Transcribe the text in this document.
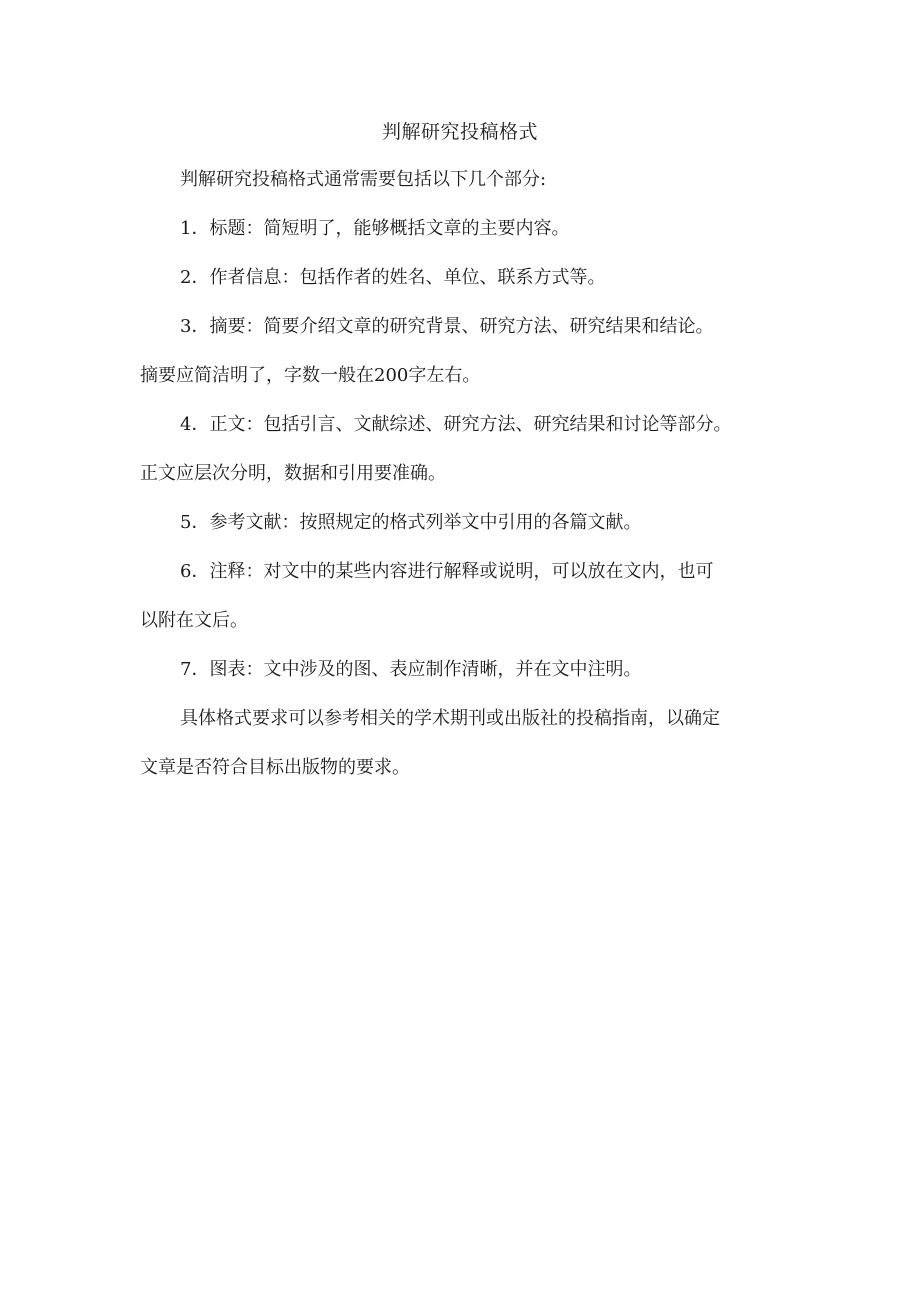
判解研究投稿格式

判解研究投稿格式通常需要包括以下几个部分:

1．标题：简短明了，能够概括文章的主要内容。

2．作者信息：包括作者的姓名、单位、联系方式等。

3．摘要：简要介绍文章的研究背景、研究方法、研究结果和结论。
摘要应简洁明了，字数一般在200字左右。

4．正文：包括引言、文献综述、研究方法、研究结果和讨论等部分。
正文应层次分明，数据和引用要准确。

5．参考文献：按照规定的格式列举文中引用的各篇文献。

6．注释：对文中的某些内容进行解释或说明，可以放在文内，也可
以附在文后。

7．图表：文中涉及的图、表应制作清晰，并在文中注明。

具体格式要求可以参考相关的学术期刊或出版社的投稿指南，以确定
文章是否符合目标出版物的要求。
